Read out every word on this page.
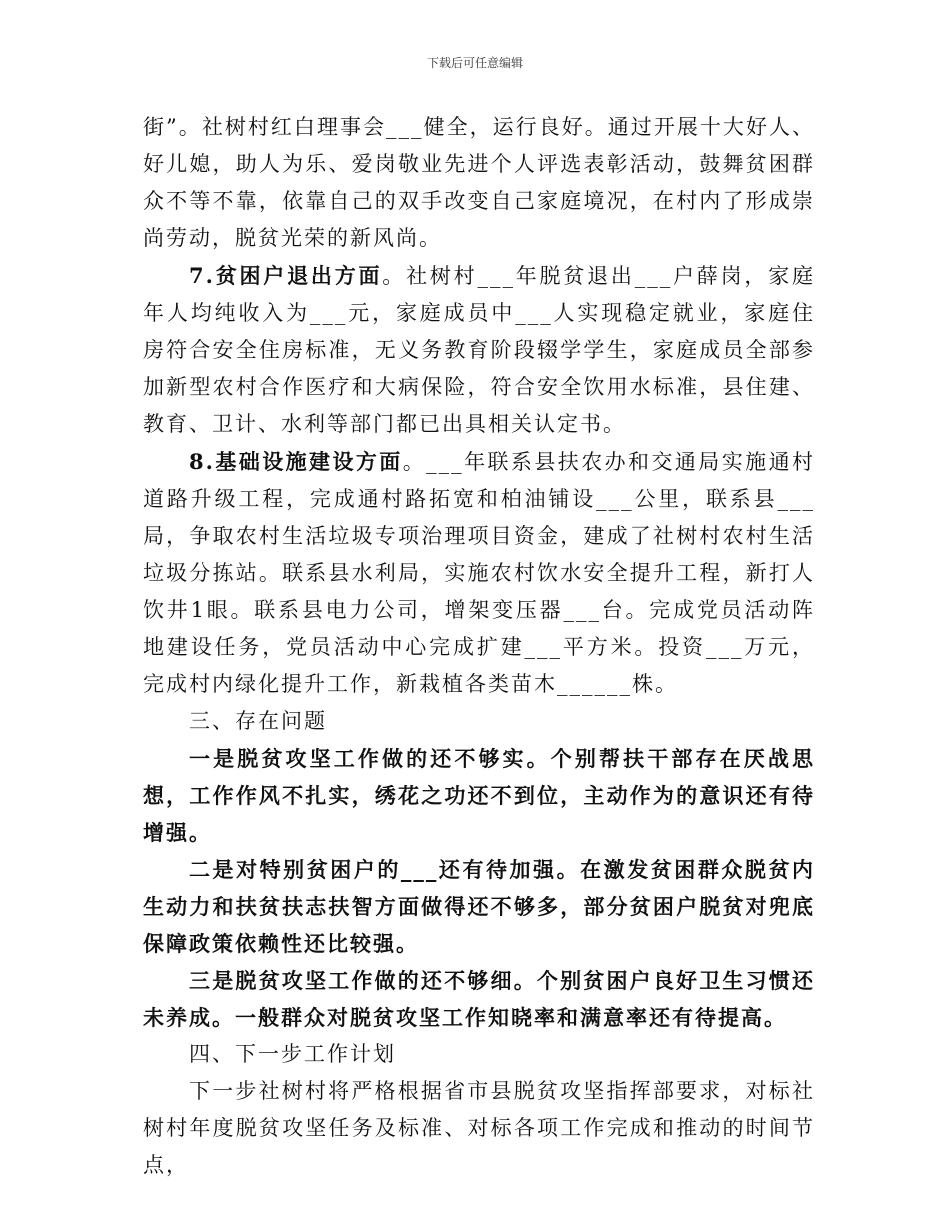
下载后可任意编辑

街”。社树村红白理事会___健全，运行良好。通过开展十大好人、好儿媳，助人为乐、爱岗敬业先进个人评选表彰活动，鼓舞贫困群众不等不靠，依靠自己的双手改变自己家庭境况，在村内了形成崇尚劳动，脱贫光荣的新风尚。

7.贫困户退出方面。社树村___年脱贫退出___户薛岗，家庭年人均纯收入为___元，家庭成员中___人实现稳定就业，家庭住房符合安全住房标准，无义务教育阶段辍学学生，家庭成员全部参加新型农村合作医疗和大病保险，符合安全饮用水标准，县住建、教育、卫计、水利等部门都已出具相关认定书。

8.基础设施建设方面。___年联系县扶农办和交通局实施通村道路升级工程，完成通村路拓宽和柏油铺设___公里，联系县___局，争取农村生活垃圾专项治理项目资金，建成了社树村农村生活垃圾分拣站。联系县水利局，实施农村饮水安全提升工程，新打人饮井1眼。联系县电力公司，增架变压器___台。完成党员活动阵地建设任务，党员活动中心完成扩建___平方米。投资___万元，完成村内绿化提升工作，新栽植各类苗木______株。

三、存在问题

一是脱贫攻坚工作做的还不够实。个别帮扶干部存在厌战思想，工作作风不扎实，绣花之功还不到位，主动作为的意识还有待增强。

二是对特别贫困户的___还有待加强。在激发贫困群众脱贫内生动力和扶贫扶志扶智方面做得还不够多，部分贫困户脱贫对兜底保障政策依赖性还比较强。

三是脱贫攻坚工作做的还不够细。个别贫困户良好卫生习惯还未养成。一般群众对脱贫攻坚工作知晓率和满意率还有待提高。

四、下一步工作计划

下一步社树村将严格根据省市县脱贫攻坚指挥部要求，对标社树村年度脱贫攻坚任务及标准、对标各项工作完成和推动的时间节点，
